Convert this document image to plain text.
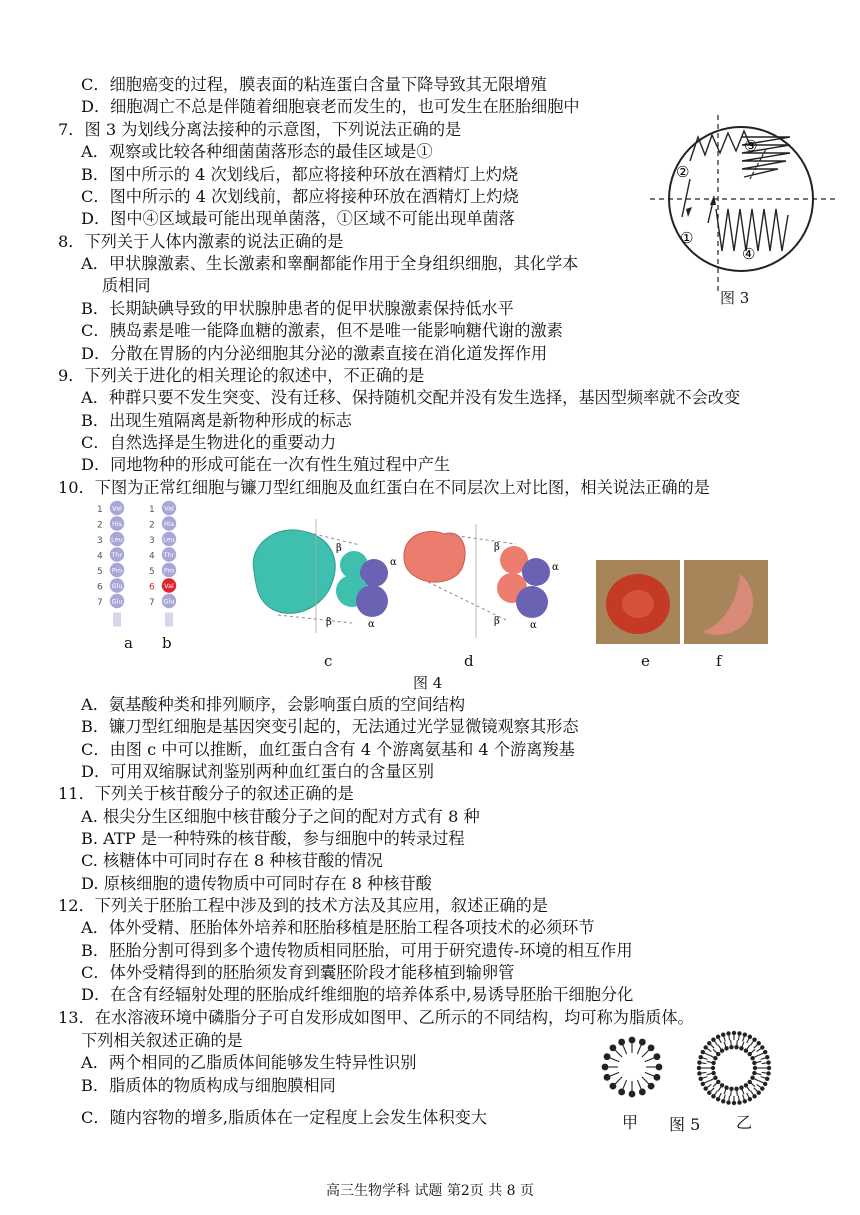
C．细胞癌变的过程，膜表面的粘连蛋白含量下降导致其无限增殖
D．细胞凋亡不总是伴随着细胞衰老而发生的，也可发生在胚胎细胞中
7．图 3 为划线分离法接种的示意图，下列说法正确的是
A．观察或比较各种细菌菌落形态的最佳区域是①
B．图中所示的 4 次划线后，都应将接种环放在酒精灯上灼烧
C．图中所示的 4 次划线前，都应将接种环放在酒精灯上灼烧
D．图中④区域最可能出现单菌落，①区域不可能出现单菌落
8．下列关于人体内激素的说法正确的是
A．甲状腺激素、生长激素和睾酮都能作用于全身组织细胞，其化学本
质相同
B．长期缺碘导致的甲状腺肿患者的促甲状腺激素保持低水平
C．胰岛素是唯一能降血糖的激素，但不是唯一能影响糖代谢的激素
D．分散在胃肠的内分泌细胞其分泌的激素直接在消化道发挥作用
9．下列关于进化的相关理论的叙述中，不正确的是
A．种群只要不发生突变、没有迁移、保持随机交配并没有发生选择，基因型频率就不会改变
B．出现生殖隔离是新物种形成的标志
C．自然选择是生物进化的重要动力
D．同地物种的形成可能在一次有性生殖过程中产生
10．下图为正常红细胞与镰刀型红细胞及血红蛋白在不同层次上对比图，相关说法正确的是
A．氨基酸种类和排列顺序，会影响蛋白质的空间结构
B．镰刀型红细胞是基因突变引起的，无法通过光学显微镜观察其形态
C．由图 c 中可以推断，血红蛋白含有 4 个游离氨基和 4 个游离羧基
D．可用双缩脲试剂鉴别两种血红蛋白的含量区别
11．下列关于核苷酸分子的叙述正确的是
A. 根尖分生区细胞中核苷酸分子之间的配对方式有 8 种
B. ATP 是一种特殊的核苷酸，参与细胞中的转录过程
C. 核糖体中可同时存在 8 种核苷酸的情况
D. 原核细胞的遗传物质中可同时存在 8 种核苷酸
12．下列关于胚胎工程中涉及到的技术方法及其应用，叙述正确的是
A．体外受精、胚胎体外培养和胚胎移植是胚胎工程各项技术的必须环节
B．胚胎分割可得到多个遗传物质相同胚胎，可用于研究遗传-环境的相互作用
C．体外受精得到的胚胎须发育到囊胚阶段才能移植到输卵管
D．在含有经辐射处理的胚胎成纤维细胞的培养体系中,易诱导胚胎干细胞分化
13．在水溶液环境中磷脂分子可自发形成如图甲、乙所示的不同结构，均可称为脂质体。
下列相关叙述正确的是
A．两个相同的乙脂质体间能够发生特异性识别
B．脂质体的物质构成与细胞膜相同
C．随内容物的增多,脂质体在一定程度上会发生体积变大
③
②
①
④
图 3
1 Val
2 His
3 Leu
4 Thr
5 Pro
6 Glu
7 Glu
1 Val
2 His
3 Leu
4 Thr
5 Pro
6 Val
7 Glu
β
α
β	α
β
α
β	α
a b
c	d	e	f
图 4
甲 图 5 乙
高三生物学科 试题 第2页 共 8 页
